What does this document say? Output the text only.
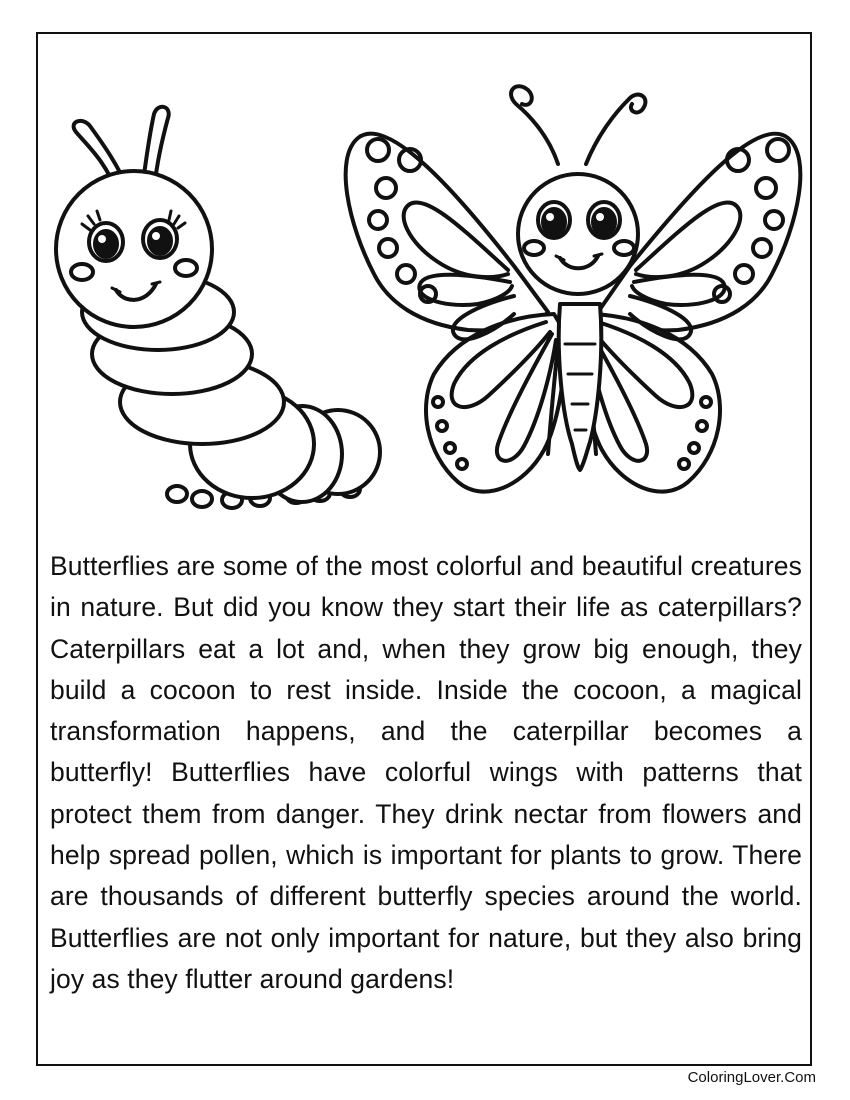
Butterflies are some of the most colorful and beautiful creatures in nature. But did you know they start their life as caterpillars? Caterpillars eat a lot and, when they grow big enough, they build a cocoon to rest inside. Inside the cocoon, a magical transformation happens, and the caterpillar becomes a butterfly! Butterflies have colorful wings with patterns that protect them from danger. They drink nectar from flowers and help spread pollen, which is important for plants to grow. There are thousands of different butterfly species around the world. Butterflies are not only important for nature, but they also bring joy as they flutter around gardens!

ColoringLover.Com
